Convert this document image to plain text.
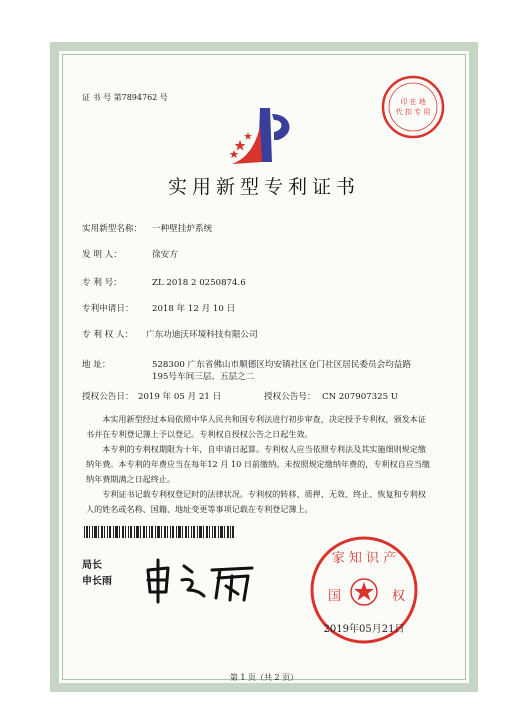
证 书 号 第7894762 号	印 在 地
代 扣 专 用
实用新型专利证书
实用新型名称： 一种壁挂炉系统
发 明 人：	徐安方
专 利 号：	ZL 2018 2 0250874.6
专利申请日： 2018 年 12 月 10 日
专 利 权 人： 广东功迪沃环境科技有限公司
地 址：	528300 广东省佛山市顺德区均安镇社区仓门社区居民委员会均益路
195号车间三层、五层之二
授权公告日： 2019 年 05 月 21 日	授权公告号： CN 207907325 U

本实用新型经过本局依照中华人民共和国专利法进行初步审查，决定授予专利权，颁发本证书并在专利登记簿上予以登记。专利权自授权公告之日起生效。

本专利的专利权期限为十年，自申请日起算。专利权人应当依照专利法及其实施细则规定缴纳年费。本专利的年费应当在每年12 月 10 日前缴纳。未按照规定缴纳年费的，专利权自应当缴纳年费期满之日起终止。

专利证书记载专利权登记时的法律状况。专利权的转移、质押、无效、终止、恢复和专利权人的姓名或名称、国籍、地址变更等事项记载在专利登记簿上。

局长
申长雨
家 知 识 产
国	权
2019年05月21日
第 1 页（共 2 页）
